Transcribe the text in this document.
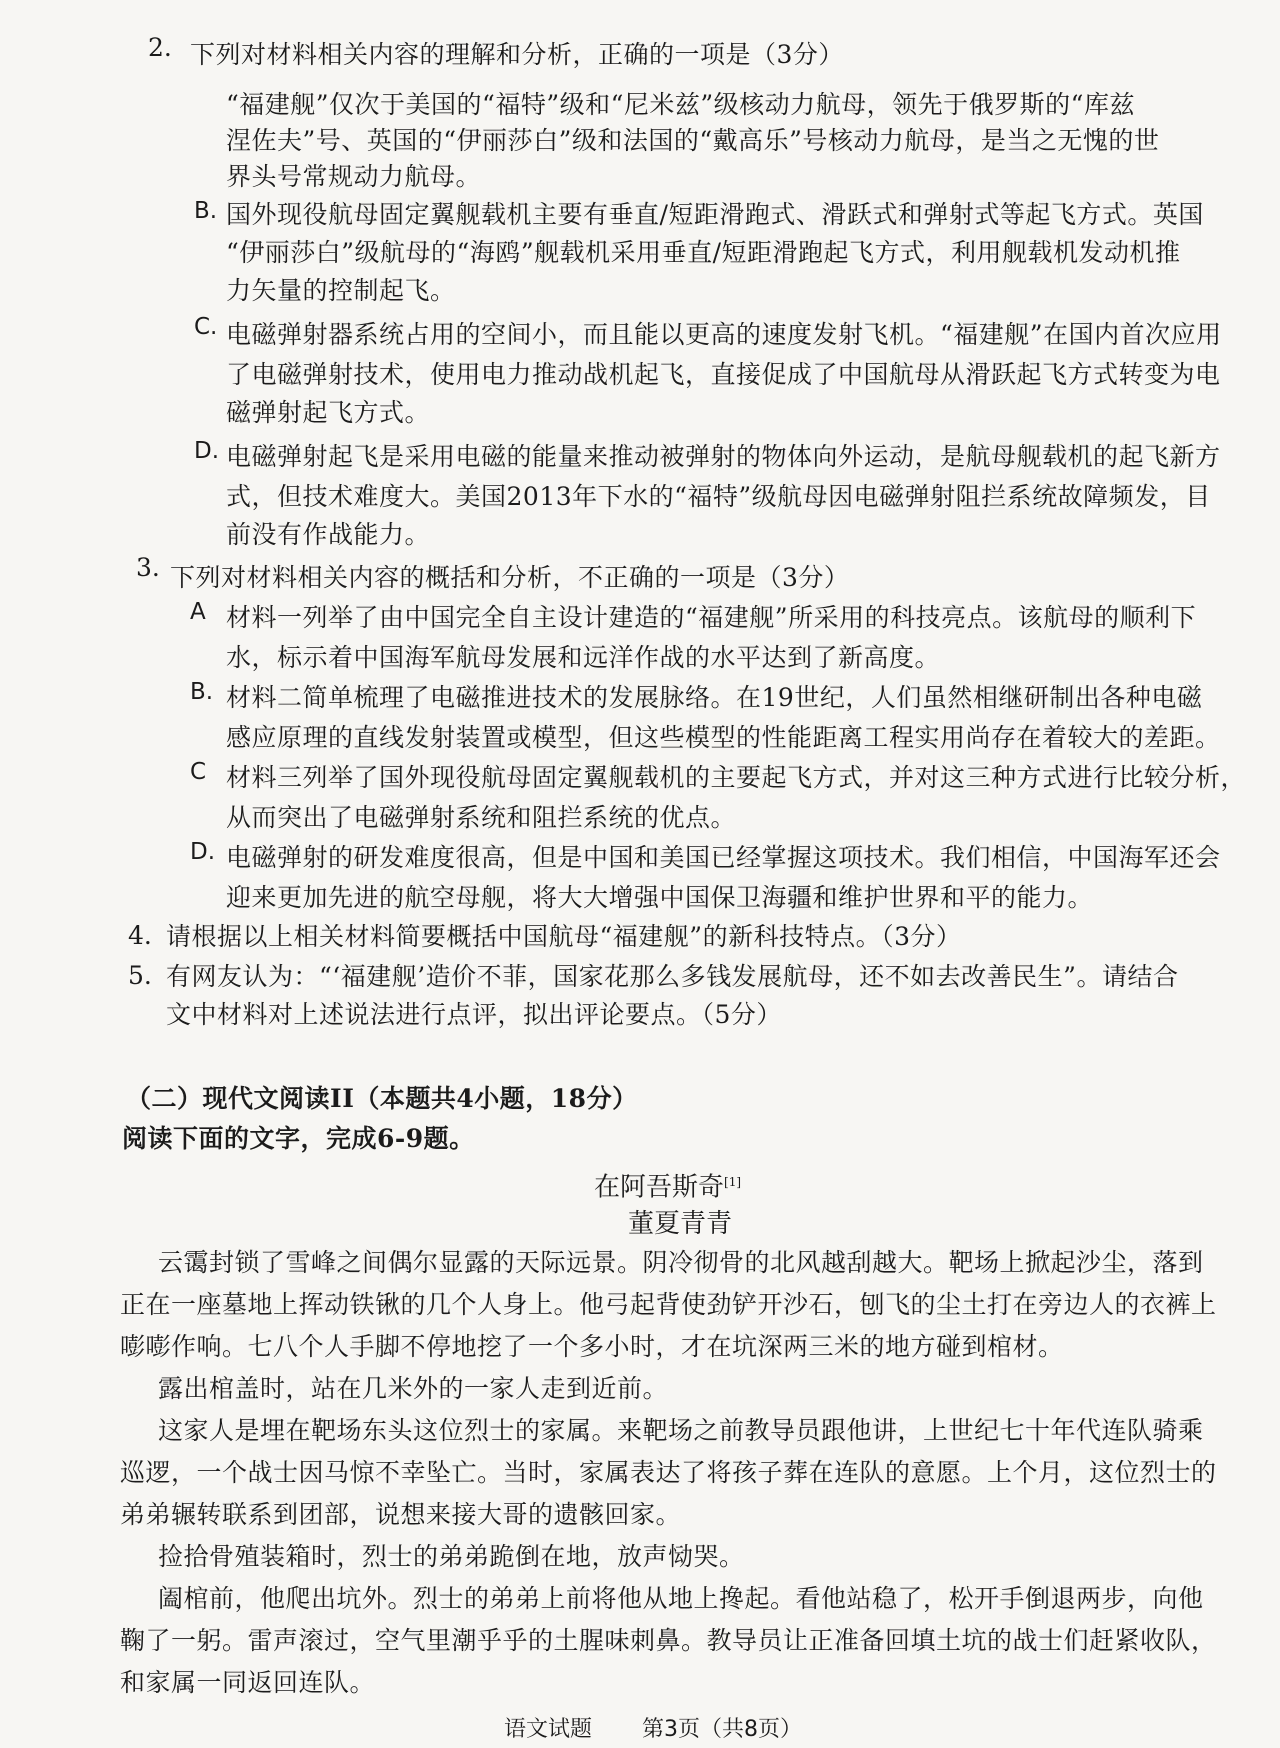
2. 下列对材料相关内容的理解和分析，正确的一项是（3分）
“福建舰”仅次于美国的“福特”级和“尼米兹”级核动力航母，领先于俄罗斯的“库兹
涅佐夫”号、英国的“伊丽莎白”级和法国的“戴高乐”号核动力航母，是当之无愧的世
界头号常规动力航母。
B. 国外现役航母固定翼舰载机主要有垂直/短距滑跑式、滑跃式和弹射式等起飞方式。英国
“伊丽莎白”级航母的“海鸥”舰载机采用垂直/短距滑跑起飞方式，利用舰载机发动机推
力矢量的控制起飞。
C. 电磁弹射器系统占用的空间小，而且能以更高的速度发射飞机。“福建舰”在国内首次应用
了电磁弹射技术，使用电力推动战机起飞，直接促成了中国航母从滑跃起飞方式转变为电
磁弹射起飞方式。
D. 电磁弹射起飞是采用电磁的能量来推动被弹射的物体向外运动，是航母舰载机的起飞新方
式，但技术难度大。美国2013年下水的“福特”级航母因电磁弹射阻拦系统故障频发，目
前没有作战能力。
3. 下列对材料相关内容的概括和分析，不正确的一项是（3分）
A 材料一列举了由中国完全自主设计建造的“福建舰”所采用的科技亮点。该航母的顺利下
水，标示着中国海军航母发展和远洋作战的水平达到了新高度。
B. 材料二简单梳理了电磁推进技术的发展脉络。在19世纪，人们虽然相继研制出各种电磁
感应原理的直线发射装置或模型，但这些模型的性能距离工程实用尚存在着较大的差距。
C 材料三列举了国外现役航母固定翼舰载机的主要起飞方式，并对这三种方式进行比较分析，
从而突出了电磁弹射系统和阻拦系统的优点。
D. 电磁弹射的研发难度很高，但是中国和美国已经掌握这项技术。我们相信，中国海军还会
迎来更加先进的航空母舰，将大大增强中国保卫海疆和维护世界和平的能力。
4. 请根据以上相关材料简要概括中国航母“福建舰”的新科技特点。（3分）
5. 有网友认为：“‘福建舰’造价不菲，国家花那么多钱发展航母，还不如去改善民生”。请结合
文中材料对上述说法进行点评，拟出评论要点。（5分）
（二）现代文阅读II（本题共4小题，18分）
阅读下面的文字，完成6-9题。
在阿吾斯奇[1]
董夏青青
云霭封锁了雪峰之间偶尔显露的天际远景。阴冷彻骨的北风越刮越大。靶场上掀起沙尘，落到
正在一座墓地上挥动铁锹的几个人身上。他弓起背使劲铲开沙石，刨飞的尘土打在旁边人的衣裤上
嘭嘭作响。七八个人手脚不停地挖了一个多小时，才在坑深两三米的地方碰到棺材。
露出棺盖时，站在几米外的一家人走到近前。
这家人是埋在靶场东头这位烈士的家属。来靶场之前教导员跟他讲，上世纪七十年代连队骑乘
巡逻，一个战士因马惊不幸坠亡。当时，家属表达了将孩子葬在连队的意愿。上个月，这位烈士的
弟弟辗转联系到团部，说想来接大哥的遗骸回家。
捡拾骨殖装箱时，烈士的弟弟跪倒在地，放声恸哭。
阖棺前，他爬出坑外。烈士的弟弟上前将他从地上搀起。看他站稳了，松开手倒退两步，向他
鞠了一躬。雷声滚过，空气里潮乎乎的土腥味刺鼻。教导员让正准备回填土坑的战士们赶紧收队，
和家属一同返回连队。
语文试题 第3页（共8页）
